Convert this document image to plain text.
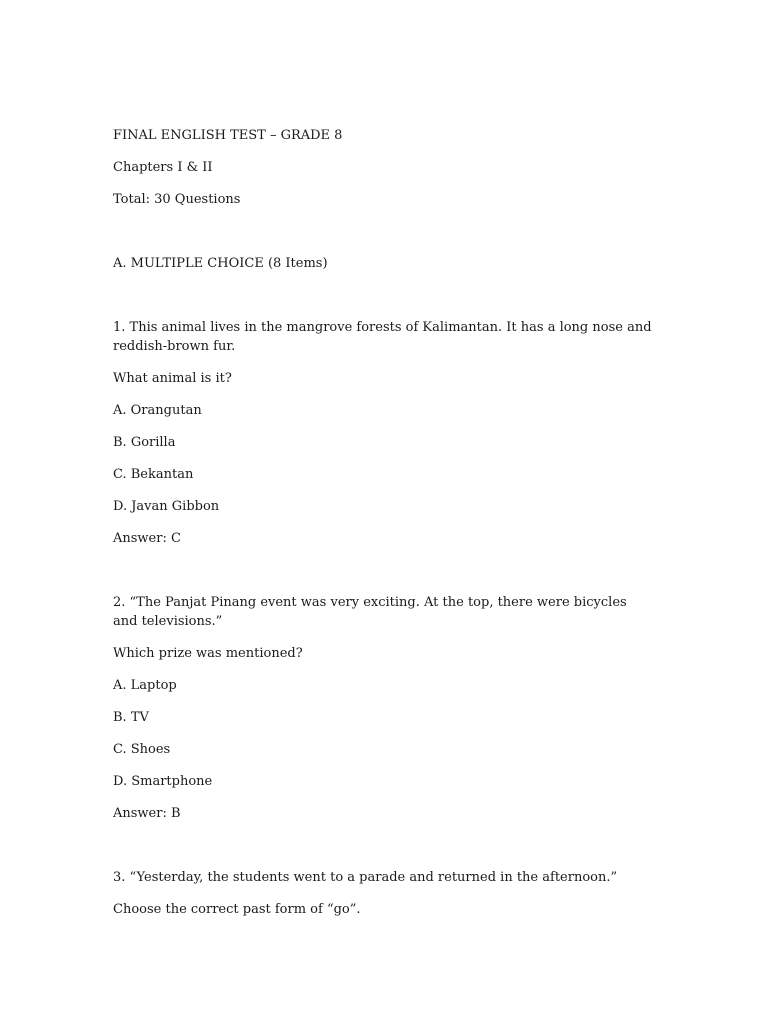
FINAL ENGLISH TEST – GRADE 8

Chapters I & II

Total: 30 Questions

A. MULTIPLE CHOICE (8 Items)

1. This animal lives in the mangrove forests of Kalimantan. It has a long nose and reddish-brown fur.

What animal is it?

A. Orangutan

B. Gorilla

C. Bekantan

D. Javan Gibbon

Answer: C

2. “The Panjat Pinang event was very exciting. At the top, there were bicycles and televisions.”

Which prize was mentioned?

A. Laptop

B. TV

C. Shoes

D. Smartphone

Answer: B

3. “Yesterday, the students went to a parade and returned in the afternoon.”

Choose the correct past form of “go”.
